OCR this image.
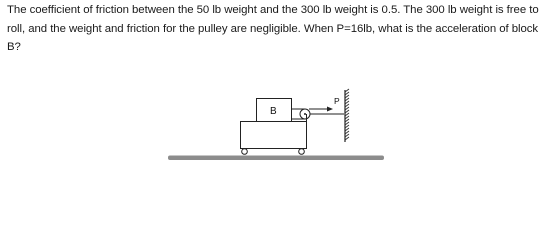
The coefficient of friction between the 50 lb weight and the 300 lb weight is 0.5. The 300 lb weight is free to roll, and the weight and friction for the pulley are negligible. When P=16lb, what is the acceleration of block B?

B
P
